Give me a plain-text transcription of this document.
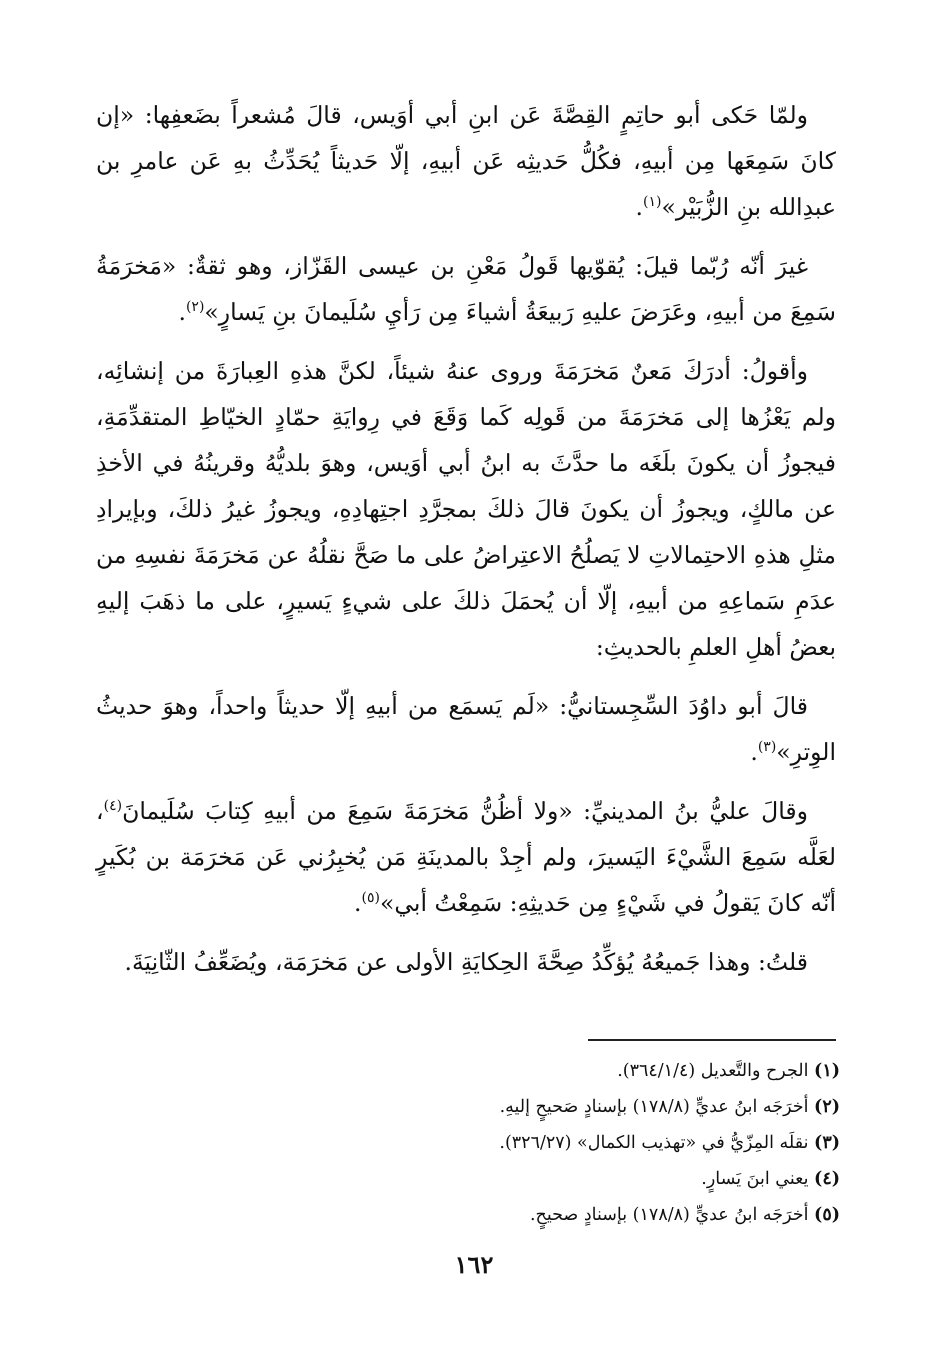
ولمّا حَكى أبو حاتِمٍ القِصَّةَ عَن ابنِ أبي أوَيس، قالَ مُشعراً بضَعفِها: «إن كانَ سَمِعَها مِن أبيهِ، فكُلُّ حَديثِه عَن أبيهِ، إلّا حَديثاً يُحَدِّثُ بهِ عَن عامرِ بن عبدِالله بنِ الزُّبَيْر»$^{(١)}$.

غيرَ أنّه رُبّما قيلَ: يُقوّيها قَولُ مَعْنِ بن عيسى القَزّاز، وهو ثقةٌ: «مَخرَمَةُ سَمِعَ من أبيهِ، وعَرَضَ عليهِ رَبيعَةُ أشياءَ مِن رَأيِ سُلَيمانَ بنِ يَسارٍ»$^{(٢)}$.

وأقولُ: أدرَكَ مَعنٌ مَخرَمَةَ وروى عنهُ شيئاً، لكنَّ هذهِ العِبارَةَ من إنشائِه، ولم يَعْزُها إلى مَخرَمَةَ من قَولِه كَما وَقَعَ في رِوايَةِ حمّادٍ الخيّاطِ المتقدِّمَةِ، فيجوزُ أن يكونَ بلَغَه ما حدَّثَ به ابنُ أبي أوَيس، وهوَ بلديُّهُ وقرينُهُ في الأخذِ عن مالكٍ، ويجوزُ أن يكونَ قالَ ذلكَ بمجرَّدِ اجتِهادِهِ، ويجوزُ غيرُ ذلكَ، وبإيرادِ مثلِ هذهِ الاحتِمالاتِ لا يَصلُحُ الاعتِراضُ على ما صَحَّ نقلُهُ عن مَخرَمَةَ نفسِهِ من عدَمِ سَماعِهِ من أبيهِ، إلّا أن يُحمَلَ ذلكَ على شيءٍ يَسيرٍ، على ما ذهَبَ إليهِ بعضُ أهلِ العلمِ بالحديثِ:

قالَ أبو داوُدَ السِّجِستانيُّ: «لَم يَسمَع من أبيهِ إلّا حديثاً واحداً، وهوَ حديثُ الوِترِ»$^{(٣)}$.

وقالَ عليُّ بنُ المدينيِّ: «ولا أظُنُّ مَخرَمَةَ سَمِعَ من أبيهِ كِتابَ سُلَيمانَ$^{(٤)}$، لعَلَّه سَمِعَ الشَّيْءَ اليَسيرَ، ولم أجِدْ بالمدينَةِ مَن يُخبِرُني عَن مَخرَمَة بن بُكَيرٍ أنّه كانَ يَقولُ في شَيْءٍ مِن حَديثِهِ: سَمِعْتُ أبي»$^{(٥)}$.

قلتُ: وهذا جَميعُهُ يُؤكِّدُ صِحَّةَ الحِكايَةِ الأولى عن مَخرَمَة، ويُضَعِّفُ الثّانِيَةَ.

(١) الجرح والتَّعديل (٣٦٤/١/٤).
(٢) أخرَجَه ابنُ عديٍّ (١٧٨/٨) بإسنادٍ صَحيحٍ إليهِ.
(٣) نقلَه المِزّيُّ في «تهذيب الكمال» (٣٢٦/٢٧).
(٤) يعني ابنَ يَسارٍ.
(٥) أخرَجَه ابنُ عديٍّ (١٧٨/٨) بإسنادٍ صحيحٍ.
١٦٢
